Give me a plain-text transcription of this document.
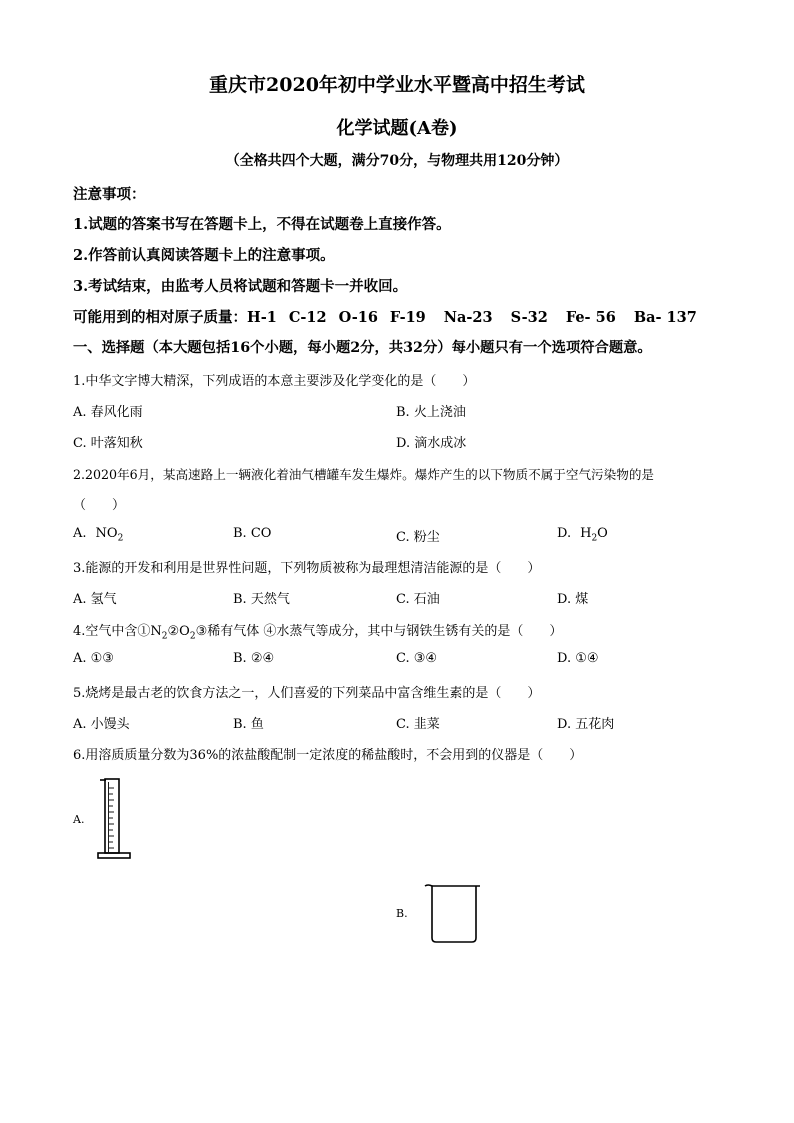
重庆市2020年初中学业水平暨高中招生考试
化学试题(A卷)
（全格共四个大题，满分70分，与物理共用120分钟）
注意事项：
1.试题的答案书写在答题卡上，不得在试题卷上直接作答。
2.作答前认真阅读答题卡上的注意事项。
3.考试结束，由监考人员将试题和答题卡一并收回。
可能用到的相对原子质量：H-1 C-12 O-16 F-19 Na-23 S-32 Fe- 56 Ba- 137
一、选择题（本大题包括16个小题，每小题2分，共32分）每小题只有一个选项符合题意。
1.中华文字博大精深，下列成语的本意主要涉及化学变化的是（　　）
A. 春风化雨	B. 火上浇油
C. 叶落知秋	D. 滴水成冰
2.2020年6月，某高速路上一辆液化着油气槽罐车发生爆炸。爆炸产生的以下物质不属于空气污染物的是
（　　）
A. $NO_2$	B. CO	C. 粉尘	D. $H_2O$
3.能源的开发和利用是世界性问题，下列物质被称为最理想清洁能源的是（　　）
A. 氢气	B. 天然气	C. 石油	D. 煤
4.空气中含$①N_2②O_2③$稀有气体 ④水蒸气等成分，其中与钢铁生锈有关的是（　　）
A. ①③	B. ②④	C. ③④	D. ①④
5.烧烤是最古老的饮食方法之一，人们喜爱的下列菜品中富含维生素的是（　　）
A. 小馒头	B. 鱼	C. 韭菜	D. 五花肉
6.用溶质质量分数为36%的浓盐酸配制一定浓度的稀盐酸时，不会用到的仪器是（　　）
A.
B.
